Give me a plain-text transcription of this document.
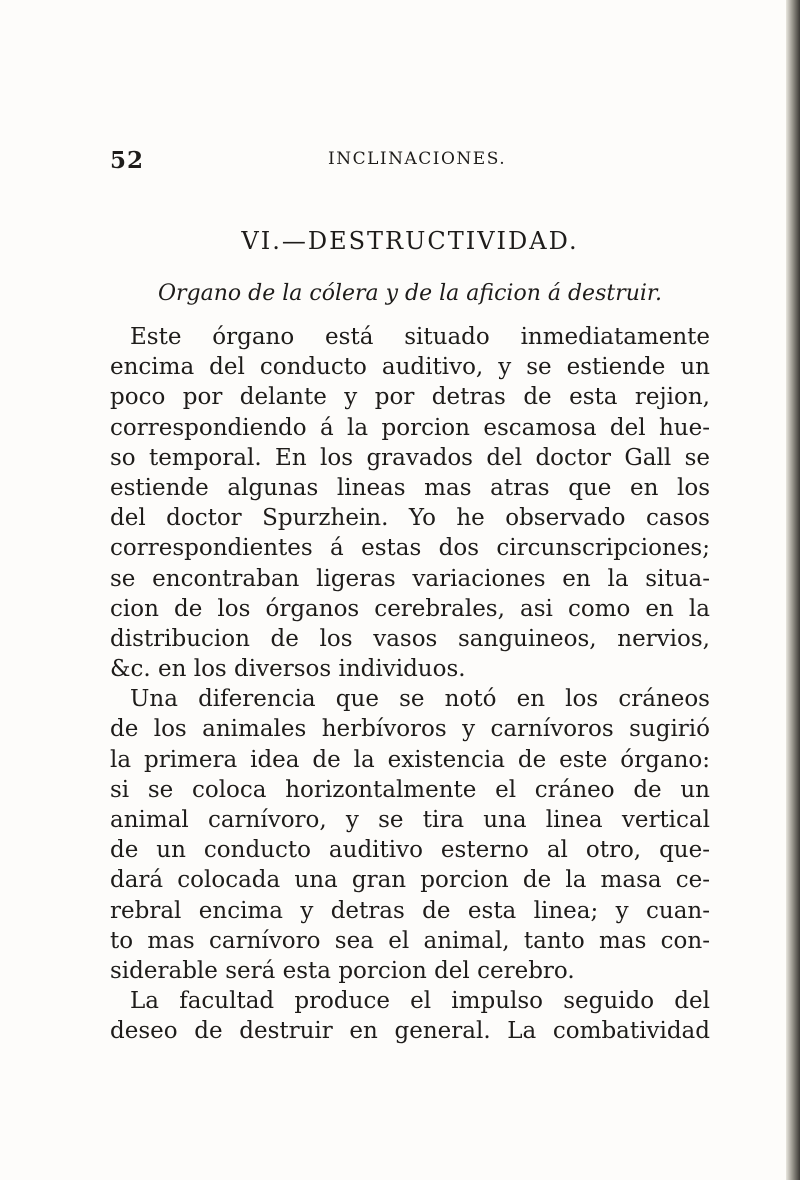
52	INCLINACIONES.
VI.—DESTRUCTIVIDAD.
Organo de la cólera y de la aficion á destruir.
Este órgano está situado inmediatamente
encima del conducto auditivo, y se estiende un
poco por delante y por detras de esta rejion,
correspondiendo á la porcion escamosa del hue-
so temporal. En los gravados del doctor Gall se
estiende algunas lineas mas atras que en los
del doctor Spurzhein. Yo he observado casos
correspondientes á estas dos circunscripciones;
se encontraban ligeras variaciones en la situa-
cion de los órganos cerebrales, asi como en la
distribucion de los vasos sanguineos, nervios,
&c. en los diversos individuos.
Una diferencia que se notó en los cráneos
de los animales herbívoros y carnívoros sugirió
la primera idea de la existencia de este órgano:
si se coloca horizontalmente el cráneo de un
animal carnívoro, y se tira una linea vertical
de un conducto auditivo esterno al otro, que-
dará colocada una gran porcion de la masa ce-
rebral encima y detras de esta linea; y cuan-
to mas carnívoro sea el animal, tanto mas con-
siderable será esta porcion del cerebro.
La facultad produce el impulso seguido del
deseo de destruir en general. La combatividad
